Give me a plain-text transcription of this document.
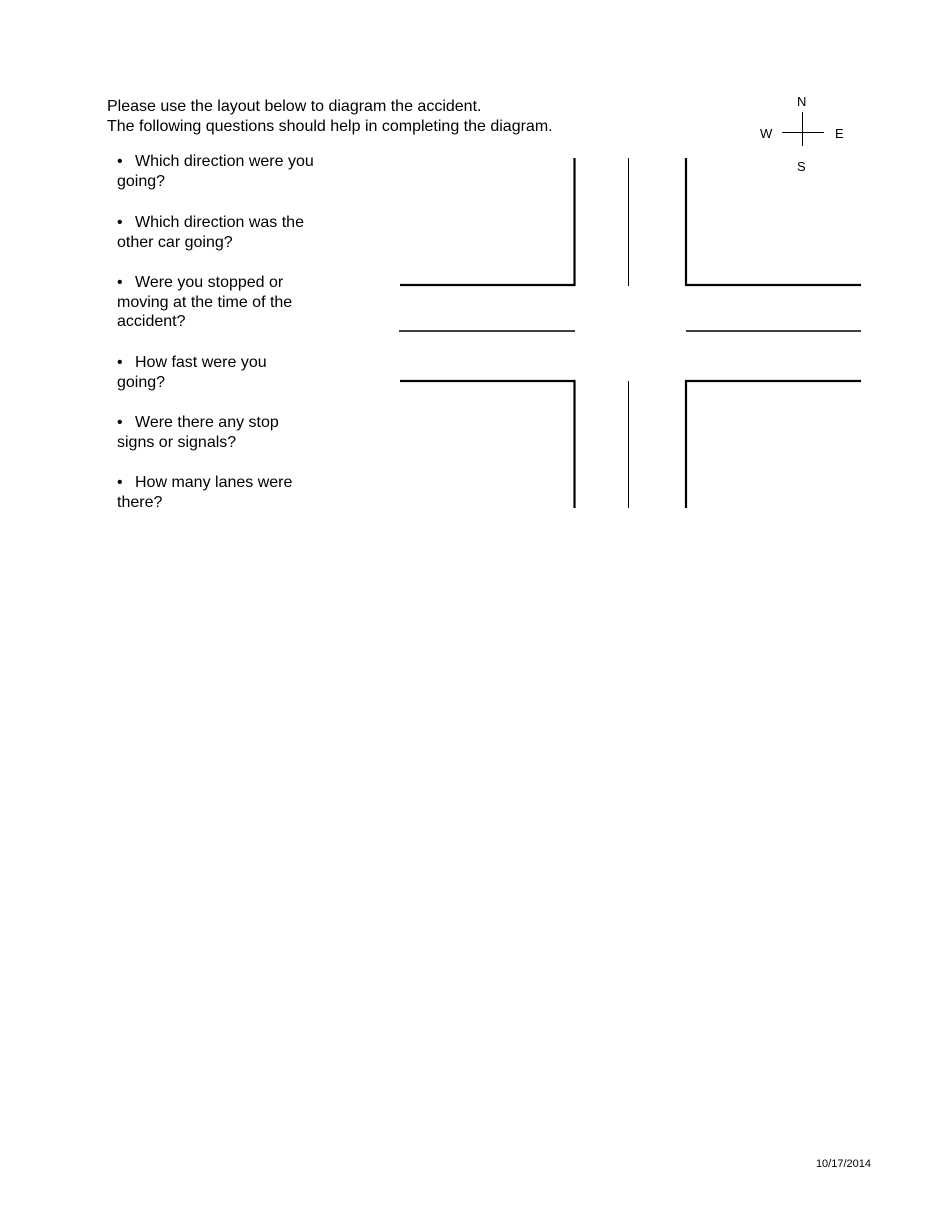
Please use the layout below to diagram the accident.
The following questions should help in completing the diagram.
• Which direction were you going?
• Which direction was the other car going?
• Were you stopped or moving at the time of the accident?
• How fast were you going?
• Were there any stop signs or signals?
• How many lanes were there?
N
S
W	E
10/17/2014
